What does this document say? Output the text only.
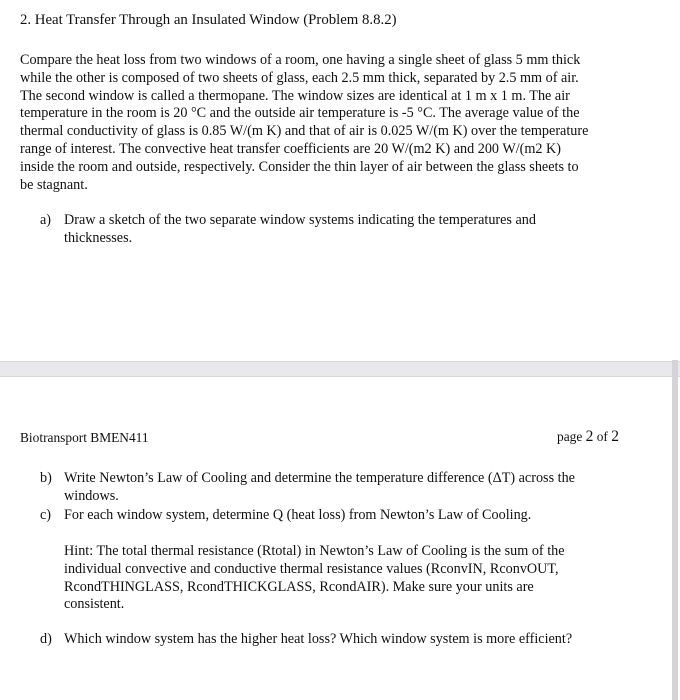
2. Heat Transfer Through an Insulated Window (Problem 8.8.2)
Compare the heat loss from two windows of a room, one having a single sheet of glass 5 mm thick
while the other is composed of two sheets of glass, each 2.5 mm thick, separated by 2.5 mm of air.
The second window is called a thermopane. The window sizes are identical at 1 m x 1 m. The air
temperature in the room is 20 °C and the outside air temperature is -5 °C. The average value of the
thermal conductivity of glass is 0.85 W/(m K) and that of air is 0.025 W/(m K) over the temperature
range of interest. The convective heat transfer coefficients are 20 W/(m2 K) and 200 W/(m2 K)
inside the room and outside, respectively. Consider the thin layer of air between the glass sheets to
be stagnant.
a) Draw a sketch of the two separate window systems indicating the temperatures and
thicknesses.
Biotransport BMEN411	page 2 of 2
b) Write Newton’s Law of Cooling and determine the temperature difference (ΔT) across the
windows.
c) For each window system, determine Q (heat loss) from Newton’s Law of Cooling.
Hint: The total thermal resistance (Rtotal) in Newton’s Law of Cooling is the sum of the
individual convective and conductive thermal resistance values (RconvIN, RconvOUT,
RcondTHINGLASS, RcondTHICKGLASS, RcondAIR). Make sure your units are
consistent.
d) Which window system has the higher heat loss? Which window system is more efficient?
